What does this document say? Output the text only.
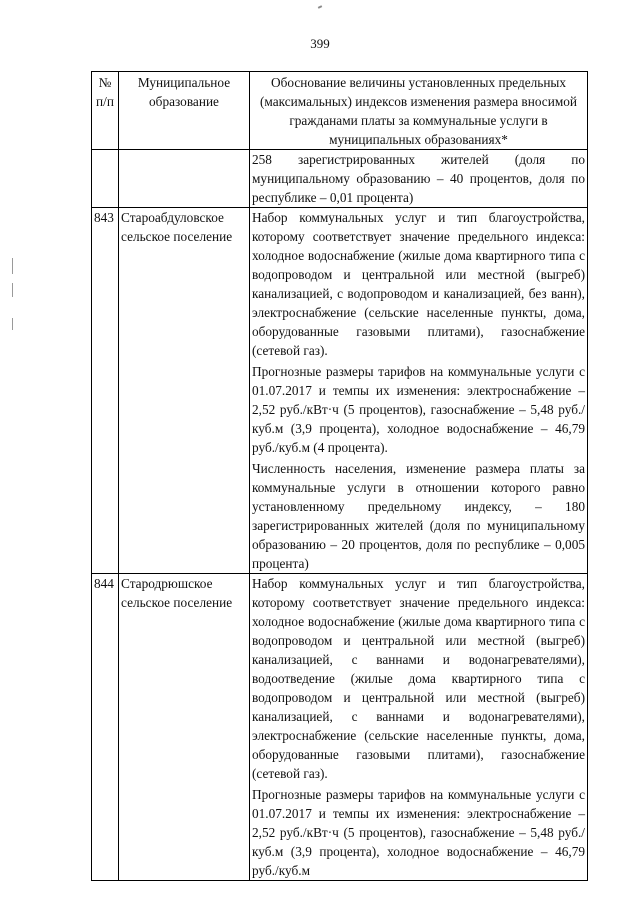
399
№ п/п	Муниципальное образование	Обоснование величины установленных предельных (максимальных) индексов изменения размера вносимой гражданами платы за коммунальные услуги в муниципальных образованиях*

		258 зарегистрированных жителей (доля по муниципальному образованию – 40 процентов, доля по республике – 0,01 процента)

843	Староабдуловское сельское поселение	Набор коммунальных услуг и тип благоустройства, которому соответствует значение предельного индекса: холодное водоснабжение (жилые дома квартирного типа с водопроводом и центральной или местной (выгреб) канализацией, с водопроводом и канализацией, без ванн), электроснабжение (сельские населенные пункты, дома, оборудованные газовыми плитами), газоснабжение (сетевой газ).

Прогнозные размеры тарифов на коммунальные услуги с 01.07.2017 и темпы их изменения: электроснабжение – 2,52 руб./кВт·ч (5 процентов), газоснабжение – 5,48 руб./куб.м (3,9 процента), холодное водоснабжение – 46,79 руб./куб.м (4 процента).

Численность населения, изменение размера платы за коммунальные услуги в отношении которого равно установленному предельному индексу, – 180 зарегистрированных жителей (доля по муниципальному образованию – 20 процентов, доля по республике – 0,005 процента)

844	Стародрюшское сельское поселение	Набор коммунальных услуг и тип благоустройства, которому соответствует значение предельного индекса: холодное водоснабжение (жилые дома квартирного типа с водопроводом и центральной или местной (выгреб) канализацией, с ваннами и водонагревателями), водоотведение (жилые дома квартирного типа с водопроводом и центральной или местной (выгреб) канализацией, с ваннами и водонагревателями), электроснабжение (сельские населенные пункты, дома, оборудованные газовыми плитами), газоснабжение (сетевой газ).

Прогнозные размеры тарифов на коммунальные услуги с 01.07.2017 и темпы их изменения: электроснабжение – 2,52 руб./кВт·ч (5 процентов), газоснабжение – 5,48 руб./куб.м (3,9 процента), холодное водоснабжение – 46,79 руб./куб.м
